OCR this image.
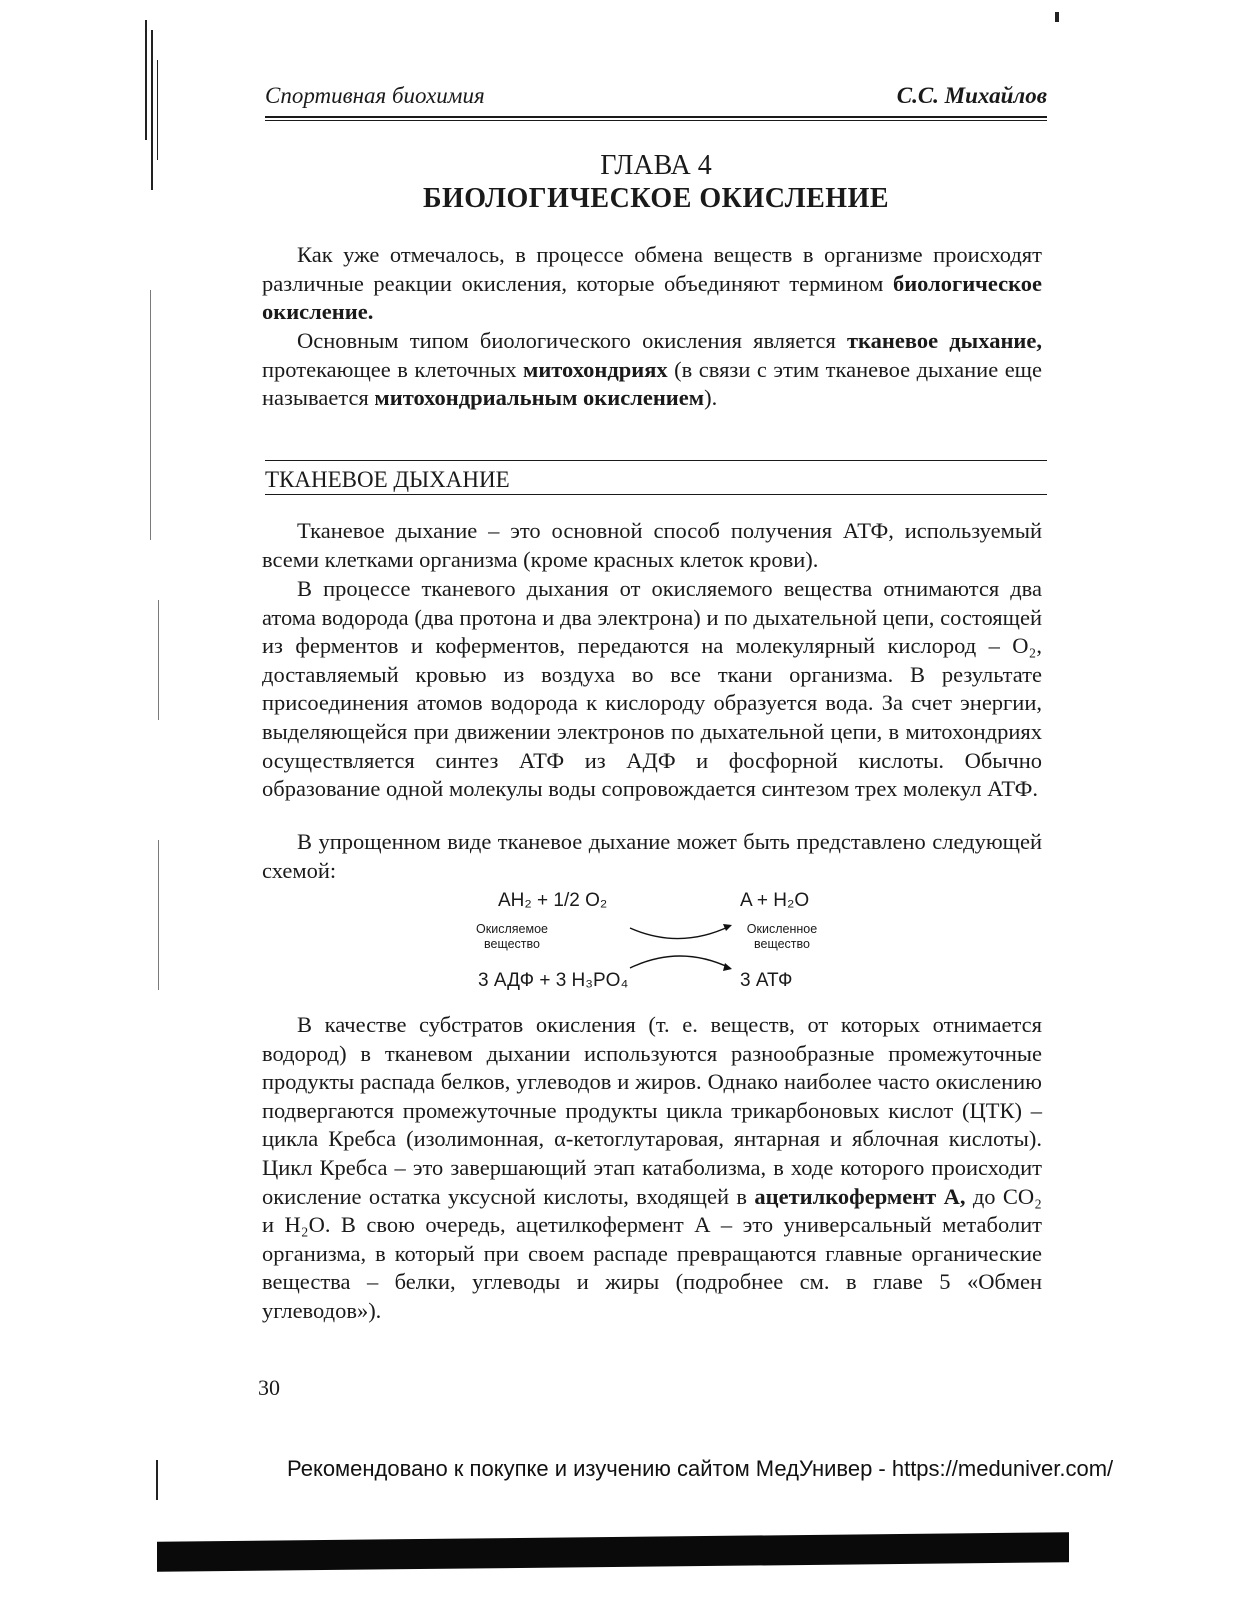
Спортивная биохимия	С.С. Михайлов
ГЛАВА 4
БИОЛОГИЧЕСКОЕ ОКИСЛЕНИЕ

Как уже отмечалось, в процессе обмена веществ в организме происходят различные реакции окисления, которые объединяют термином биологическое окисление.

Основным типом биологического окисления является тканевое дыхание, протекающее в клеточных митохондриях (в связи с этим тканевое дыхание еще называется митохондриальным окислением).

ТКАНЕВОЕ ДЫХАНИЕ

Тканевое дыхание – это основной способ получения АТФ, используемый всеми клетками организма (кроме красных клеток крови).

В процессе тканевого дыхания от окисляемого вещества отнимаются два атома водорода (два протона и два электрона) и по дыхательной цепи, состоящей из ферментов и коферментов, передаются на молекулярный кислород – О₂, доставляемый кровью из воздуха во все ткани организма. В результате присоединения атомов водорода к кислороду образуется вода. За счет энергии, выделяющейся при движении электронов по дыхательной цепи, в митохондриях осуществляется синтез АТФ из АДФ и фосфорной кислоты. Обычно образование одной молекулы воды сопровождается синтезом трех молекул АТФ.

В упрощенном виде тканевое дыхание может быть представлено следующей схемой:

AH₂ + 1/2 O₂	A + H₂O
Окисляемое
вещество
Окисленное
вещество
3 АДФ + 3 H₃PO₄	3 АТФ

В качестве субстратов окисления (т. е. веществ, от которых отнимается водород) в тканевом дыхании используются разнообразные промежуточные продукты распада белков, углеводов и жиров. Однако наиболее часто окислению подвергаются промежуточные продукты цикла трикарбоновых кислот (ЦТК) – цикла Кребса (изолимонная, α-кетоглутаровая, янтарная и яблочная кислоты). Цикл Кребса – это завершающий этап катаболизма, в ходе которого происходит окисление остатка уксусной кислоты, входящей в ацетилкофермент А, до СО₂ и Н₂О. В свою очередь, ацетилкофермент А – это универсальный метаболит организма, в который при своем распаде превращаются главные органические вещества – белки, углеводы и жиры (подробнее см. в главе 5 «Обмен углеводов»).

30
Рекомендовано к покупке и изучению сайтом МедУнивер - https://meduniver.com/
